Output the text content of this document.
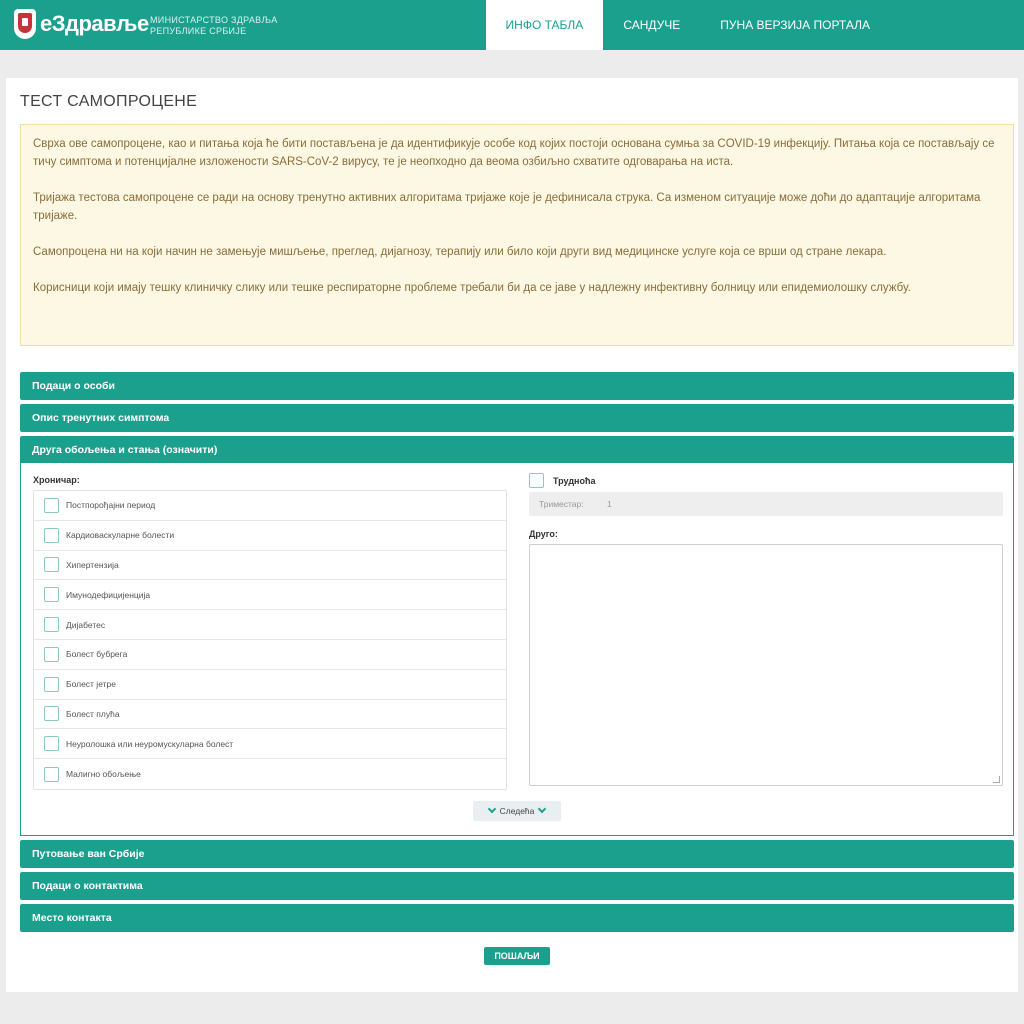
eЗдравље МИНИСТАРСТВО ЗДРАВЉА
РЕПУБЛИКЕ СРБИЈЕ	ИНФО ТАБЛА	САНДУЧЕ	ПУНА ВЕРЗИЈА ПОРТАЛА
ТЕСТ САМОПРОЦЕНЕ

Сврха ове самопроцене, као и питања која ће бити постављена је да идентификује особе код којих постоји основана сумња за COVID-19 инфекцију. Питања која се постављају се тичу симптома и потенцијалне изложености SARS-CoV-2 вирусу, те је неопходно да веома озбиљно схватите одговарања на иста.

Тријажа тестова самопроцене се ради на основу тренутно активних алгоритама тријаже које је дефинисала струка. Са изменом ситуације може доћи до адаптације алгоритама тријаже.

Самопроцена ни на који начин не замењује мишљење, преглед, дијагнозу, терапију или било који други вид медицинске услуге која се врши од стране лекара.

Корисници који имају тешку клиничку слику или тешке респираторне проблеме требали би да се јаве у надлежну инфективну болницу или епидемиолошку службу.

Подаци о особи
Опис тренутних симптома
Друга обољења и стања (означити)
Хроничар:
Постпорођајни период
Кардиоваскуларне болести
Хипертензија
Имунодефицијенција
Дијабетес
Болест бубрега
Болест јетре
Болест плућа
Неуролошка или неуромускуларна болест
Малигно обољење
Трудноћа
Триместар:	1
Друго:
Следећа
Путовање ван Србије
Подаци о контактима
Место контакта
ПОШАЉИ
